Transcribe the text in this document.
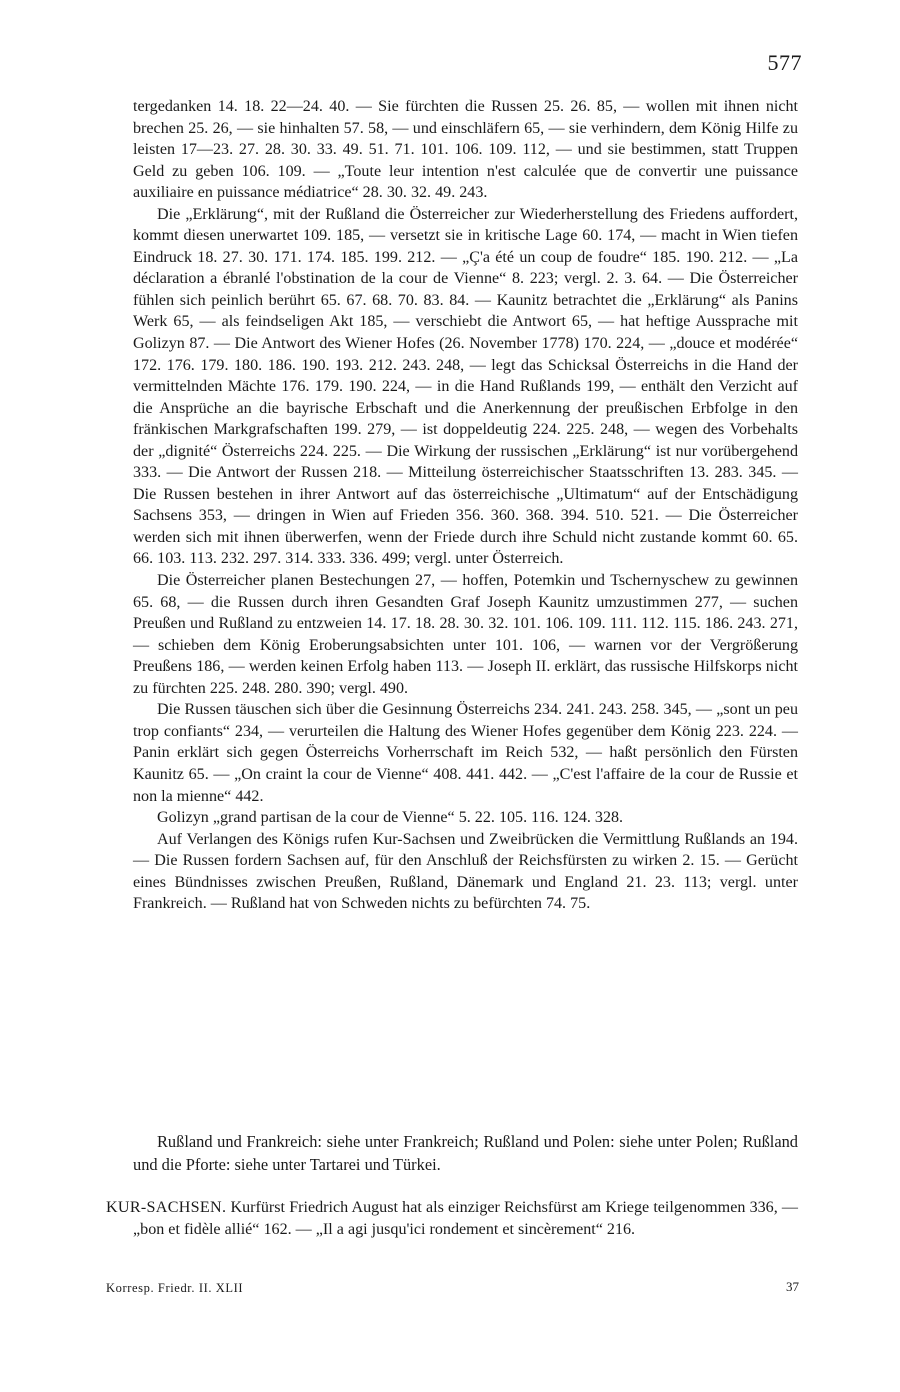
577

tergedanken 14. 18. 22—24. 40. — Sie fürchten die Russen 25. 26. 85, — wollen mit ihnen nicht brechen 25. 26, — sie hinhalten 57. 58, — und einschläfern 65, — sie verhindern, dem König Hilfe zu leisten 17—23. 27. 28. 30. 33. 49. 51. 71. 101. 106. 109. 112, — und sie bestimmen, statt Truppen Geld zu geben 106. 109. — „Toute leur intention n'est calculée que de convertir une puissance auxiliaire en puissance médiatrice“ 28. 30. 32. 49. 243.

Die „Erklärung“, mit der Rußland die Österreicher zur Wiederherstellung des Friedens auffordert, kommt diesen unerwartet 109. 185, — versetzt sie in kritische Lage 60. 174, — macht in Wien tiefen Eindruck 18. 27. 30. 171. 174. 185. 199. 212. — „Ç'a été un coup de foudre“ 185. 190. 212. — „La déclaration a ébranlé l'obstination de la cour de Vienne“ 8. 223; vergl. 2. 3. 64. — Die Österreicher fühlen sich peinlich berührt 65. 67. 68. 70. 83. 84. — Kaunitz betrachtet die „Erklärung“ als Panins Werk 65, — als feindseligen Akt 185, — verschiebt die Antwort 65, — hat heftige Aussprache mit Golizyn 87. — Die Antwort des Wiener Hofes (26. November 1778) 170. 224, — „douce et modérée“ 172. 176. 179. 180. 186. 190. 193. 212. 243. 248, — legt das Schicksal Österreichs in die Hand der vermittelnden Mächte 176. 179. 190. 224, — in die Hand Rußlands 199, — enthält den Verzicht auf die Ansprüche an die bayrische Erbschaft und die Anerkennung der preußischen Erbfolge in den fränkischen Markgrafschaften 199. 279, — ist doppeldeutig 224. 225. 248, — wegen des Vorbehalts der „dignité“ Österreichs 224. 225. — Die Wirkung der russischen „Erklärung“ ist nur vorübergehend 333. — Die Antwort der Russen 218. — Mitteilung österreichischer Staatsschriften 13. 283. 345. — Die Russen bestehen in ihrer Antwort auf das österreichische „Ultimatum“ auf der Entschädigung Sachsens 353, — dringen in Wien auf Frieden 356. 360. 368. 394. 510. 521. — Die Österreicher werden sich mit ihnen überwerfen, wenn der Friede durch ihre Schuld nicht zustande kommt 60. 65. 66. 103. 113. 232. 297. 314. 333. 336. 499; vergl. unter Österreich.

Die Österreicher planen Bestechungen 27, — hoffen, Potemkin und Tschernyschew zu gewinnen 65. 68, — die Russen durch ihren Gesandten Graf Joseph Kaunitz umzustimmen 277, — suchen Preußen und Rußland zu entzweien 14. 17. 18. 28. 30. 32. 101. 106. 109. 111. 112. 115. 186. 243. 271, — schieben dem König Eroberungsabsichten unter 101. 106, — warnen vor der Vergrößerung Preußens 186, — werden keinen Erfolg haben 113. — Joseph II. erklärt, das russische Hilfskorps nicht zu fürchten 225. 248. 280. 390; vergl. 490.

Die Russen täuschen sich über die Gesinnung Österreichs 234. 241. 243. 258. 345, — „sont un peu trop confiants“ 234, — verurteilen die Haltung des Wiener Hofes gegenüber dem König 223. 224. — Panin erklärt sich gegen Österreichs Vorherrschaft im Reich 532, — haßt persönlich den Fürsten Kaunitz 65. — „On craint la cour de Vienne“ 408. 441. 442. — „C'est l'affaire de la cour de Russie et non la mienne“ 442.

Golizyn „grand partisan de la cour de Vienne“ 5. 22. 105. 116. 124. 328.

Auf Verlangen des Königs rufen Kur-Sachsen und Zweibrücken die Vermittlung Rußlands an 194. — Die Russen fordern Sachsen auf, für den Anschluß der Reichsfürsten zu wirken 2. 15. — Gerücht eines Bündnisses zwischen Preußen, Rußland, Dänemark und England 21. 23. 113; vergl. unter Frankreich. — Rußland hat von Schweden nichts zu befürchten 74. 75.

Rußland und Frankreich: siehe unter Frankreich; Rußland und Polen: siehe unter Polen; Rußland und die Pforte: siehe unter Tartarei und Türkei.

KUR-SACHSEN. Kurfürst Friedrich August hat als einziger Reichsfürst am Kriege teilgenommen 336, — „bon et fidèle allié“ 162. — „Il a agi jusqu'ici rondement et sincèrement“ 216.
Korresp. Friedr. II. XLII	37
